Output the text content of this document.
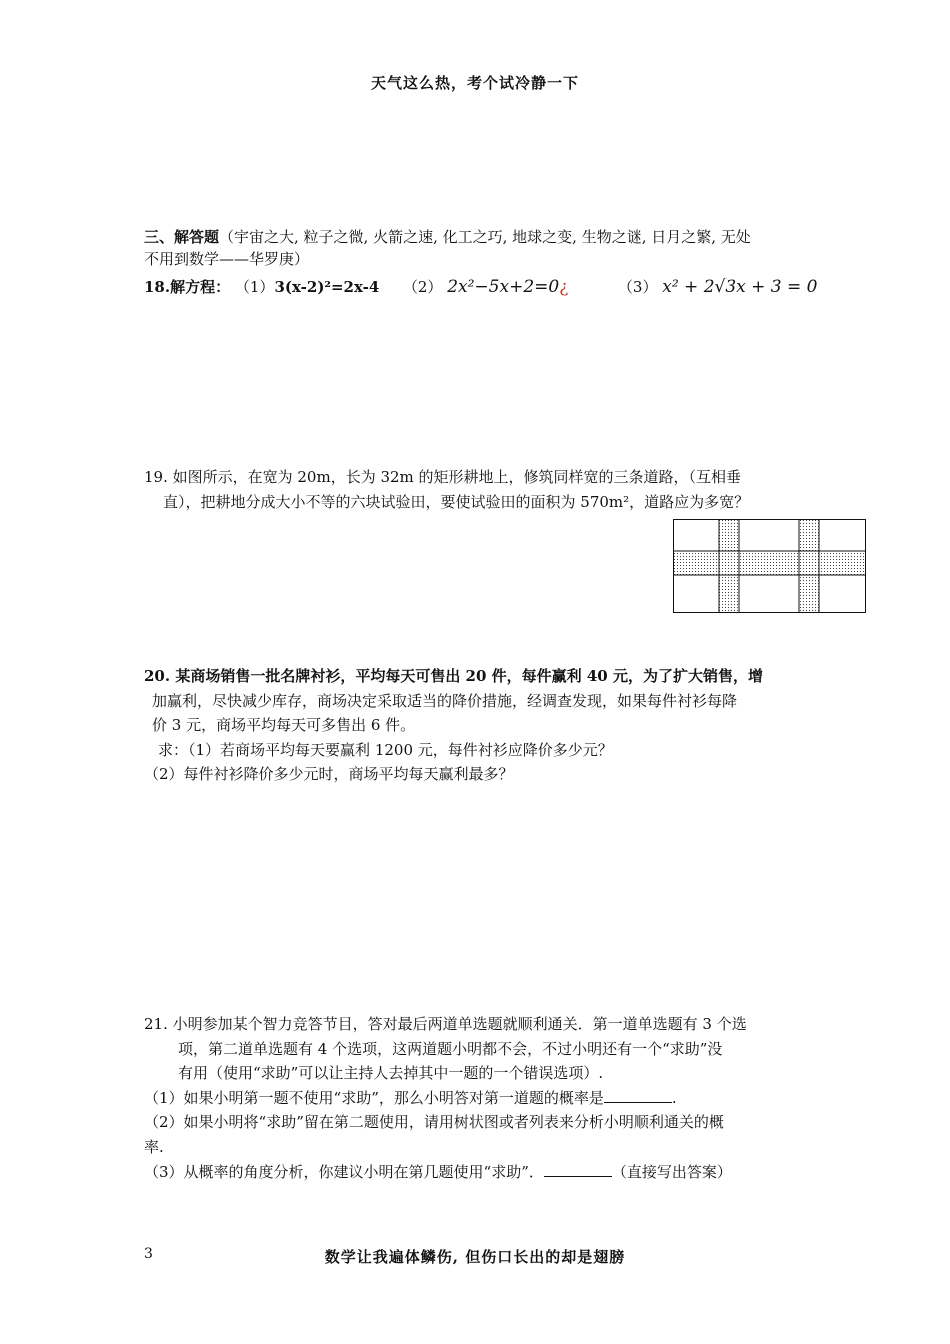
天气这么热，考个试冷静一下
三、解答题（宇宙之大, 粒子之微, 火箭之速, 化工之巧, 地球之变, 生物之谜, 日月之繁, 无处
不用到数学——华罗庚）
18.解方程： （1）3(x-2)²=2x-4 （2） 2x²−5x+2=0¿	（3） x² + 2√3x + 3 = 0
19. 如图所示，在宽为 20m，长为 32m 的矩形耕地上，修筑同样宽的三条道路，（互相垂
直），把耕地分成大小不等的六块试验田，要使试验田的面积为 570m²，道路应为多宽？
20. 某商场销售一批名牌衬衫，平均每天可售出 20 件，每件赢利 40 元，为了扩大销售，增
加赢利，尽快减少库存，商场决定采取适当的降价措施，经调查发现，如果每件衬衫每降
价 3 元，商场平均每天可多售出 6 件。
求：（1）若商场平均每天要赢利 1200 元，每件衬衫应降价多少元？
（2）每件衬衫降价多少元时，商场平均每天赢利最多？
21. 小明参加某个智力竞答节目，答对最后两道单选题就顺利通关．第一道单选题有 3 个选
项，第二道单选题有 4 个选项，这两道题小明都不会，不过小明还有一个“求助”没
有用（使用“求助”可以让主持人去掉其中一题的一个错误选项）.
（1）如果小明第一题不使用“求助”，那么小明答对第一道题的概率是	.
（2）如果小明将“求助”留在第二题使用，请用树状图或者列表来分析小明顺利通关的概
率.
（3）从概率的角度分析，你建议小明在第几题使用“求助”．	（直接写出答案）
3	数学让我遍体鳞伤, 但伤口长出的却是翅膀
